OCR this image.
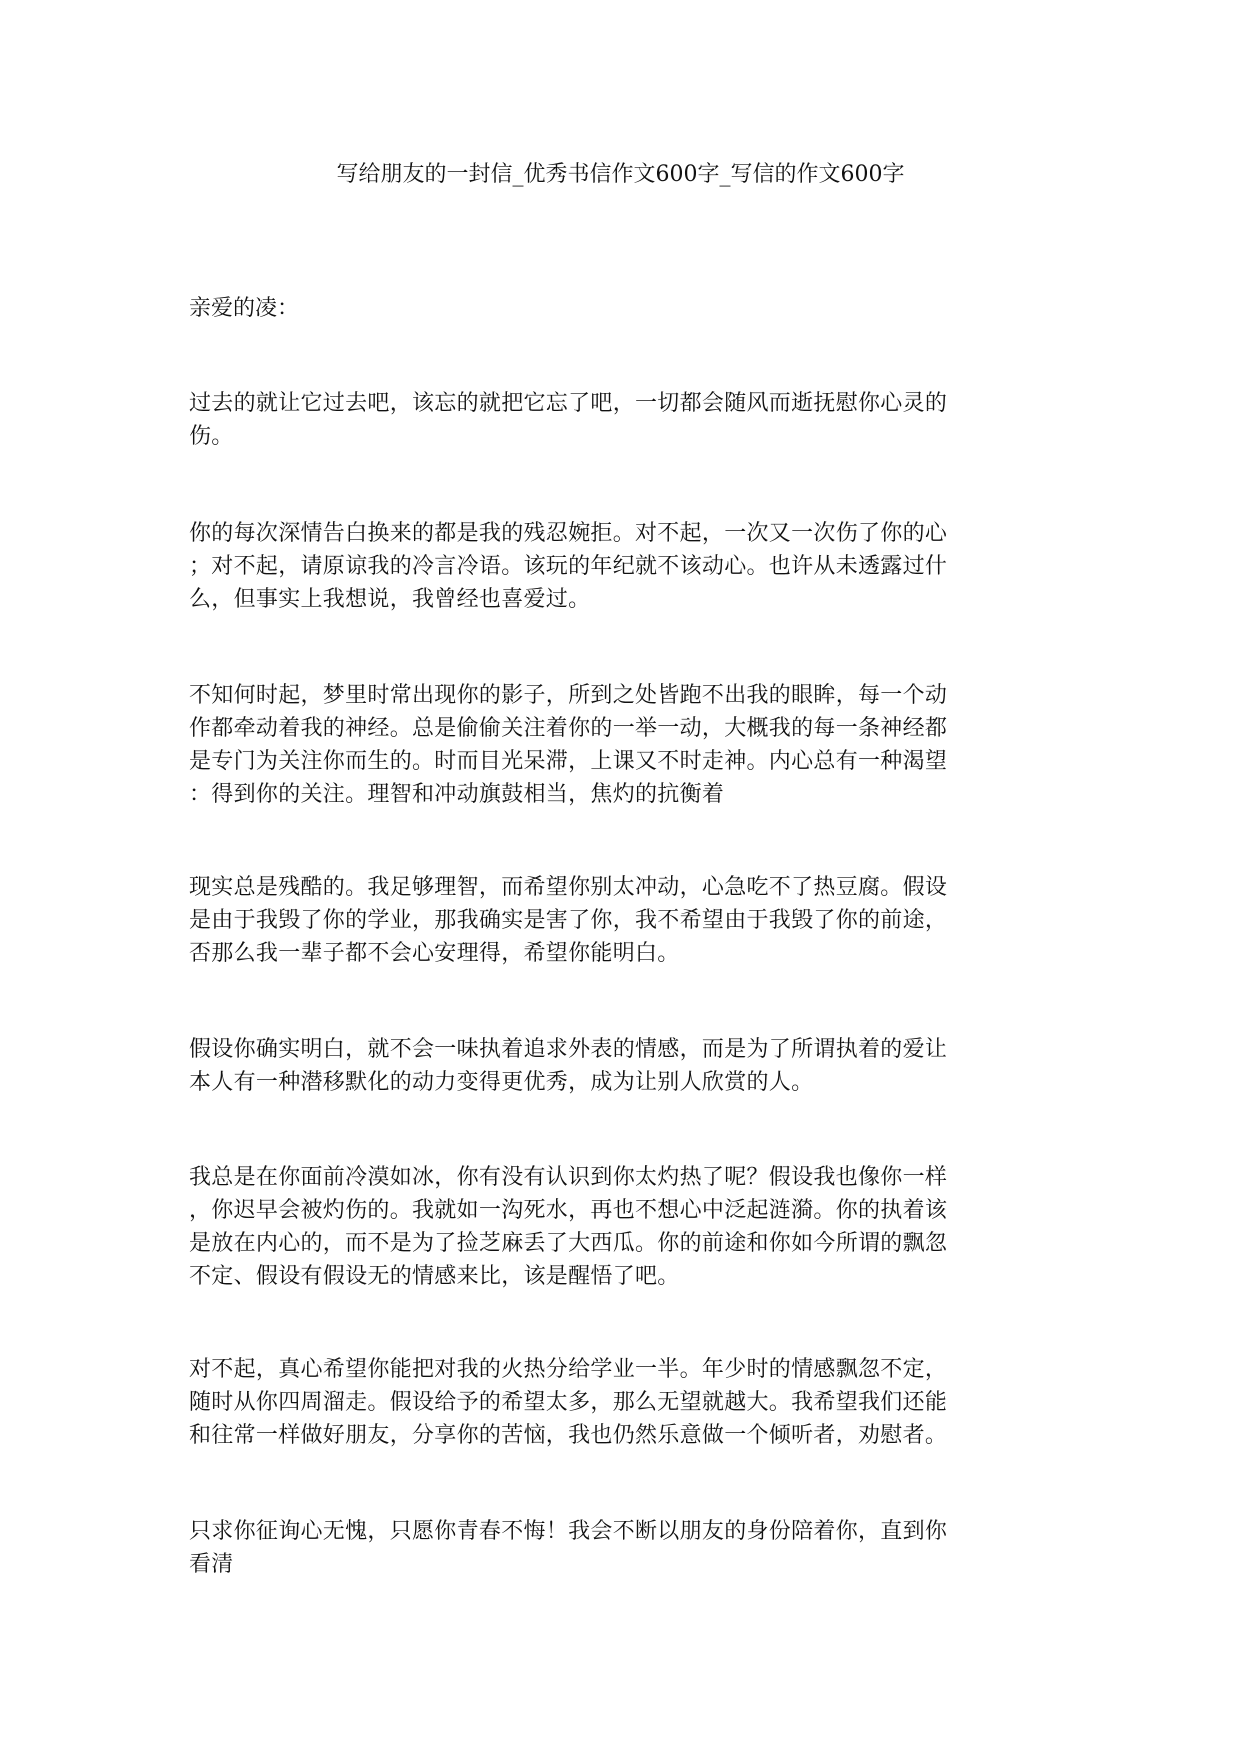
写给朋友的一封信_优秀书信作文600字_写信的作文600字
亲爱的凌：
过去的就让它过去吧，该忘的就把它忘了吧，一切都会随风而逝抚慰你心灵的
伤。
你的每次深情告白换来的都是我的残忍婉拒。对不起，一次又一次伤了你的心
；对不起，请原谅我的冷言冷语。该玩的年纪就不该动心。也许从未透露过什
么，但事实上我想说，我曾经也喜爱过。
不知何时起，梦里时常出现你的影子，所到之处皆跑不出我的眼眸，每一个动
作都牵动着我的神经。总是偷偷关注着你的一举一动，大概我的每一条神经都
是专门为关注你而生的。时而目光呆滞，上课又不时走神。内心总有一种渴望
：得到你的关注。理智和冲动旗鼓相当，焦灼的抗衡着
现实总是残酷的。我足够理智，而希望你别太冲动，心急吃不了热豆腐。假设
是由于我毁了你的学业，那我确实是害了你，我不希望由于我毁了你的前途，
否那么我一辈子都不会心安理得，希望你能明白。
假设你确实明白，就不会一味执着追求外表的情感，而是为了所谓执着的爱让
本人有一种潜移默化的动力变得更优秀，成为让别人欣赏的人。
我总是在你面前冷漠如冰，你有没有认识到你太灼热了呢？假设我也像你一样
，你迟早会被灼伤的。我就如一沟死水，再也不想心中泛起涟漪。你的执着该
是放在内心的，而不是为了捡芝麻丢了大西瓜。你的前途和你如今所谓的飘忽
不定、假设有假设无的情感来比，该是醒悟了吧。
对不起，真心希望你能把对我的火热分给学业一半。年少时的情感飘忽不定，
随时从你四周溜走。假设给予的希望太多，那么无望就越大。我希望我们还能
和往常一样做好朋友，分享你的苦恼，我也仍然乐意做一个倾听者，劝慰者。
只求你征询心无愧，只愿你青春不悔！我会不断以朋友的身份陪着你，直到你
看清
